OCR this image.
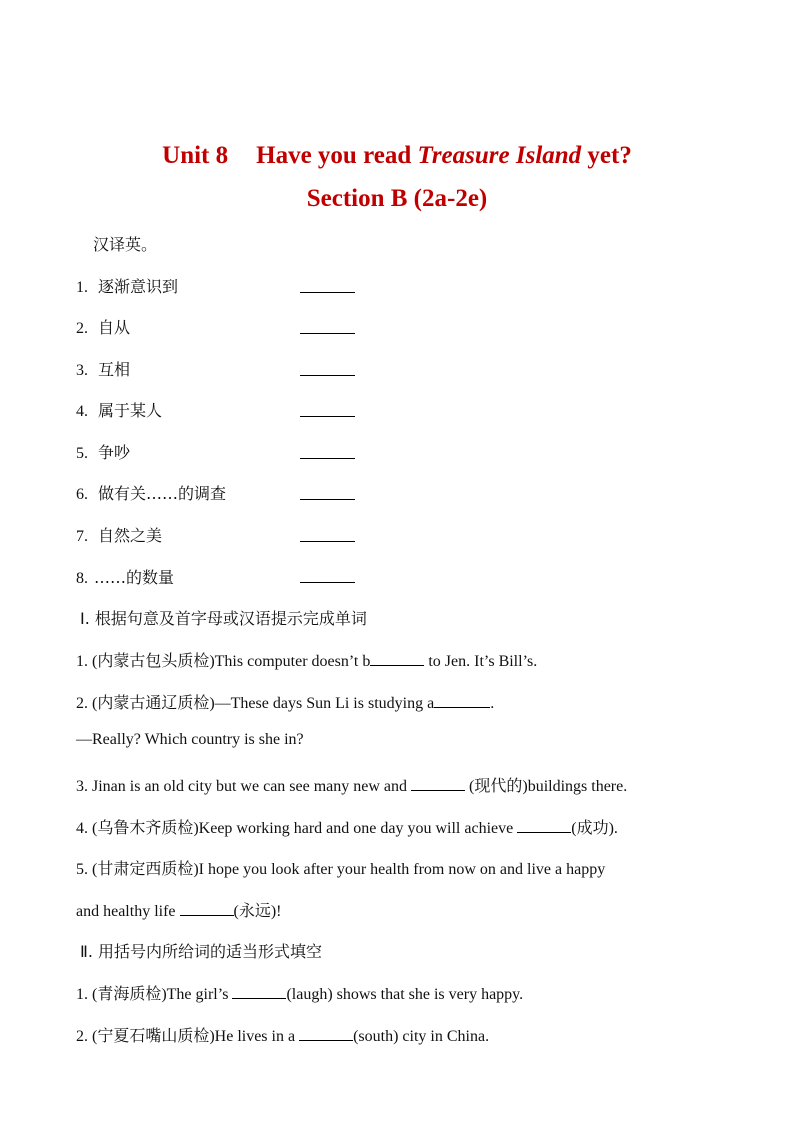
Unit 8 Have you read Treasure Island yet?
Section B (2a-2e)
汉译英。
1. 逐渐意识到
2. 自从
3. 互相
4. 属于某人
5. 争吵
6. 做有关……的调查
7. 自然之美
8. ……的数量
Ⅰ. 根据句意及首字母或汉语提示完成单词
1. (内蒙古包头质检)This computer doesn’t b	to Jen. It’s Bill’s.
2. (内蒙古通辽质检)—These days Sun Li is studying a	.
—Really? Which country is she in?
3. Jinan is an old city but we can see many new and	(现代的)buildings there.
4. (乌鲁木齐质检)Keep working hard and one day you will achieve	(成功).
5. (甘肃定西质检)I hope you look after your health from now on and live a happy
and healthy life	(永远)!
Ⅱ. 用括号内所给词的适当形式填空
1. (青海质检)The girl’s	(laugh) shows that she is very happy.
2. (宁夏石嘴山质检)He lives in a	(south) city in China.
